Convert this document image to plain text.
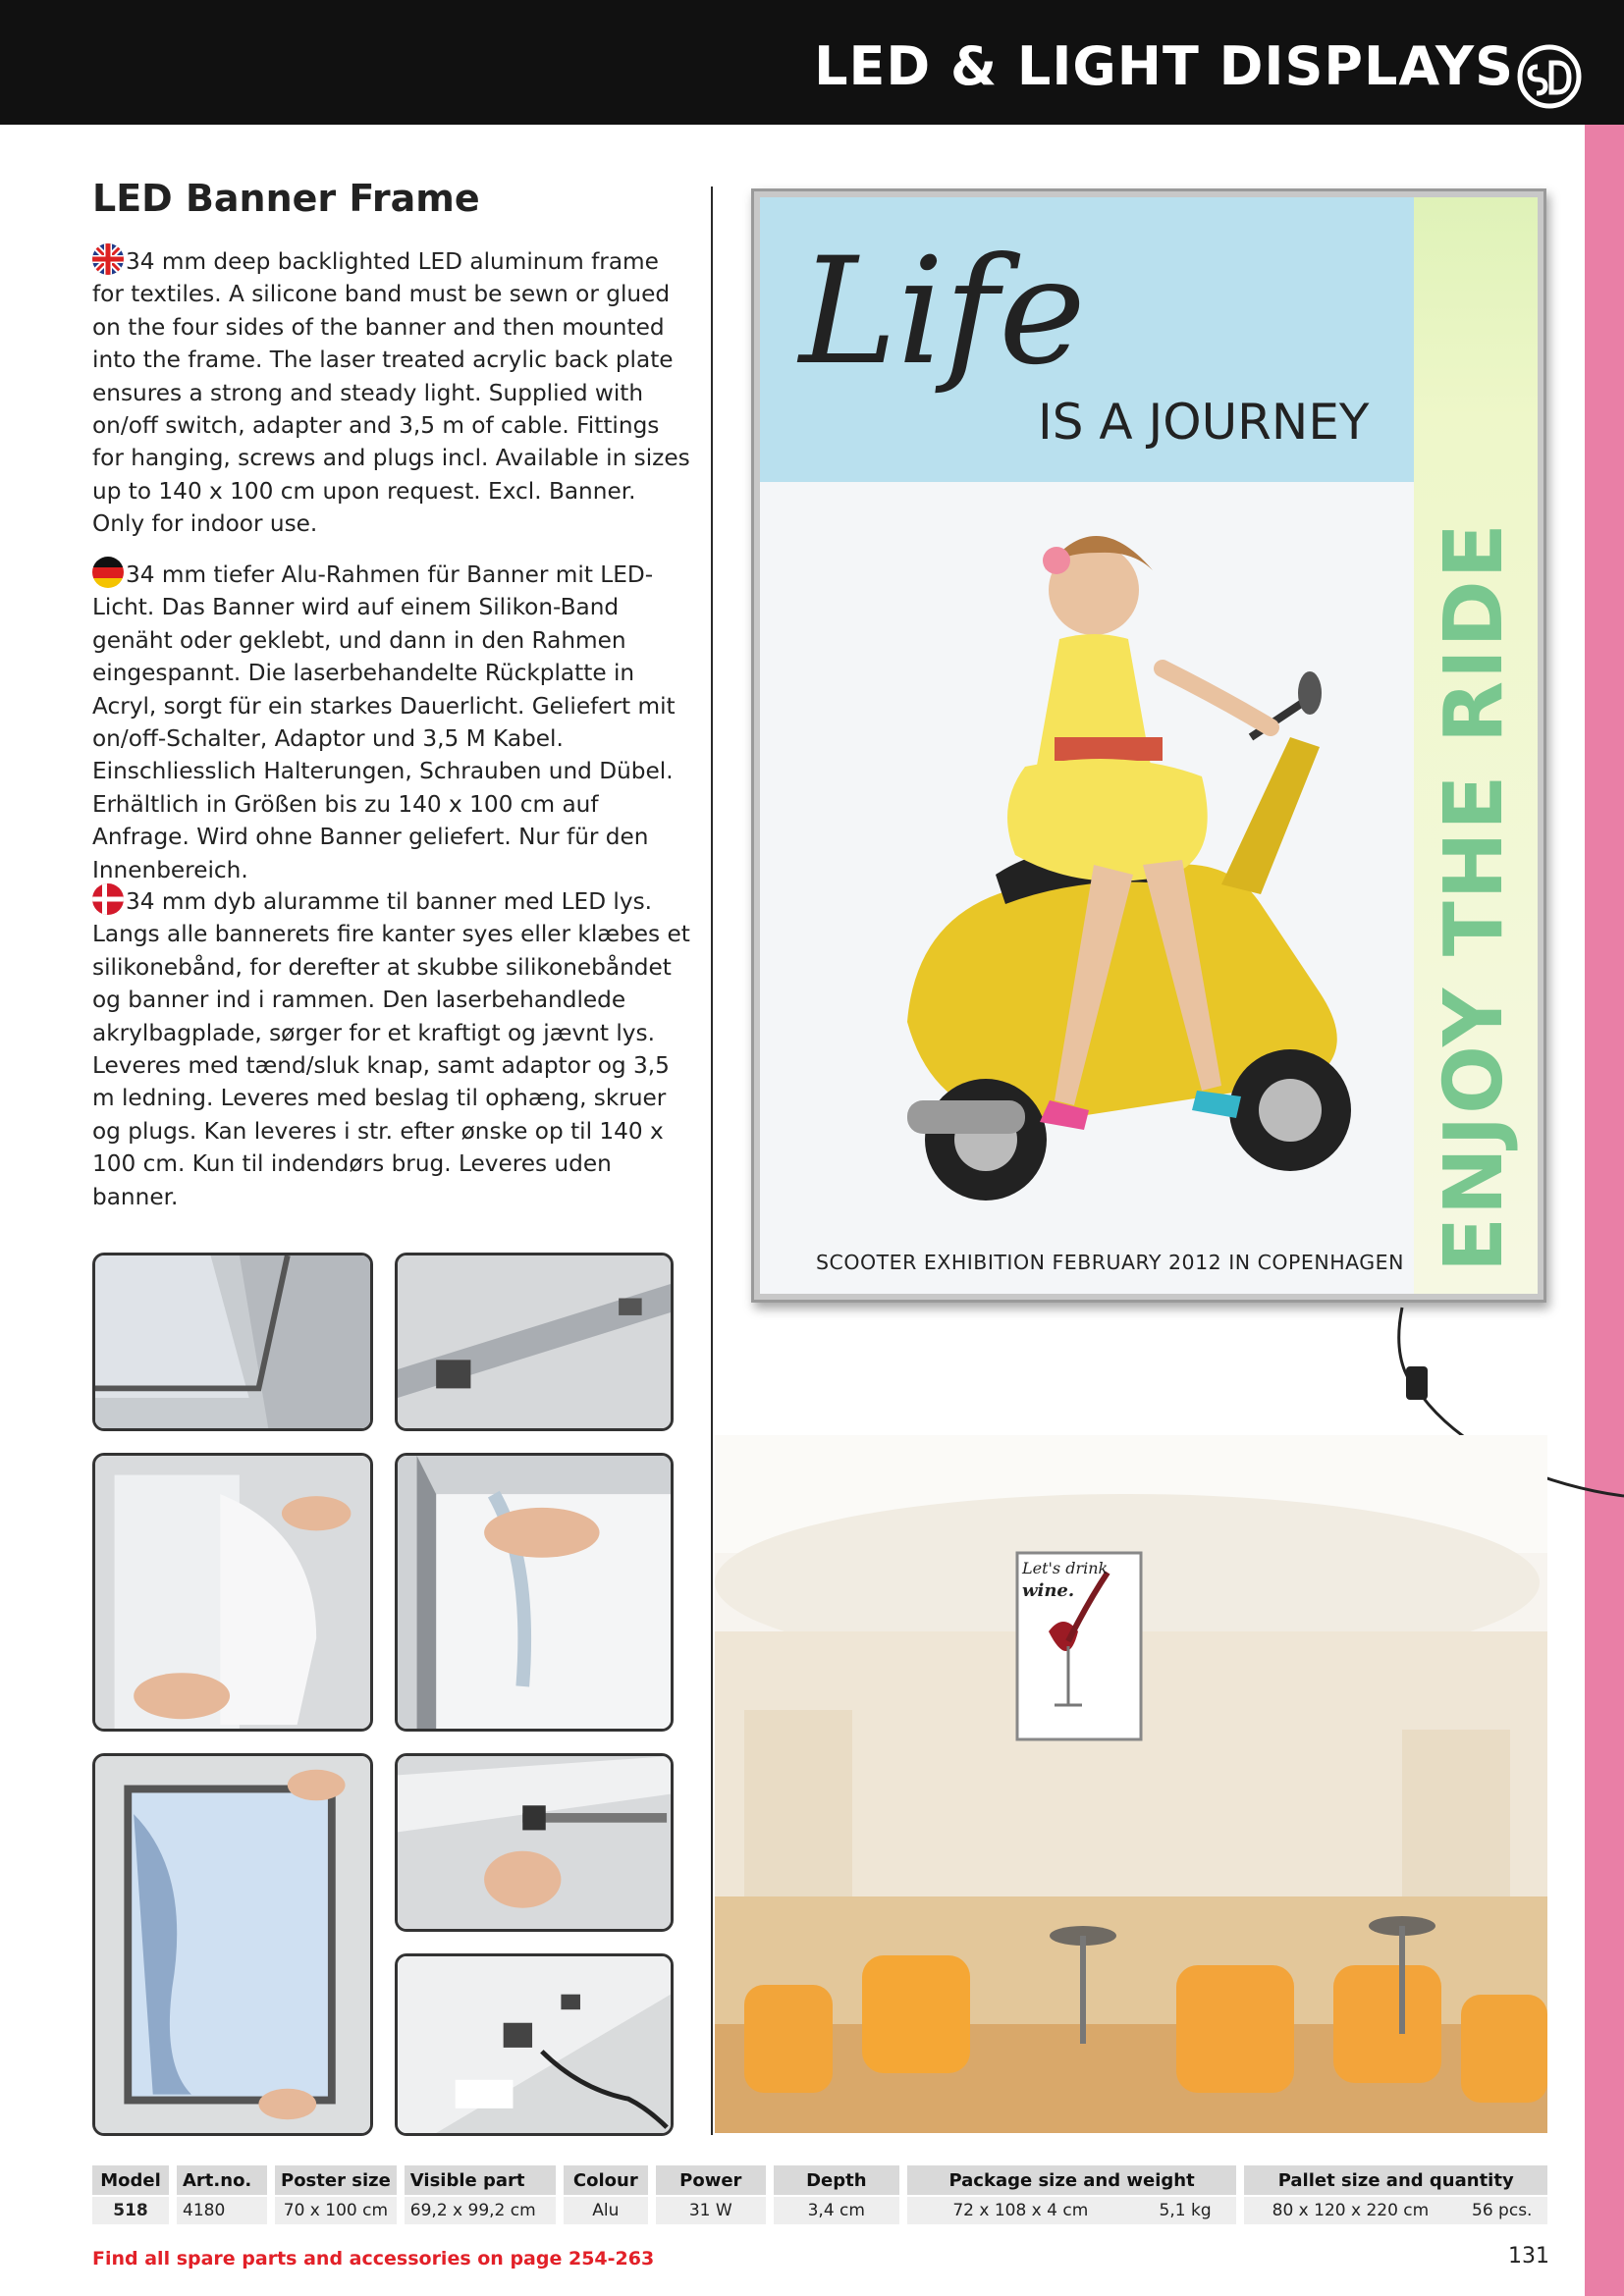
LED & LIGHT DISPLAYS
LED Banner Frame
34 mm deep backlighted LED aluminum frame for textiles. A silicone band must be sewn or glued on the four sides of the banner and then mounted into the frame. The laser treated acrylic back plate ensures a strong and steady light. Supplied with on/off switch, adapter and 3,5 m of cable. Fittings for hanging, screws and plugs incl. Available in sizes up to 140 x 100 cm upon request. Excl. Banner. Only for indoor use.
34 mm tiefer Alu-Rahmen für Banner mit LED-Licht. Das Banner wird auf einem Silikon-Band genäht oder geklebt, und dann in den Rahmen eingespannt. Die laserbehandelte Rückplatte in Acryl, sorgt für ein starkes Dauerlicht. Geliefert mit on/off-Schalter, Adaptor und 3,5 M Kabel. Einschliesslich Halterungen, Schrauben und Dübel. Erhältlich in Größen bis zu 140 x 100 cm auf Anfrage. Wird ohne Banner geliefert. Nur für den Innenbereich.
34 mm dyb aluramme til banner med LED lys. Langs alle bannerets fire kanter syes eller klæbes et silikonebånd, for derefter at skubbe silikonebåndet og banner ind i rammen. Den laserbehandlede akrylbagplade, sørger for et kraftigt og jævnt lys. Leveres med tænd/sluk knap, samt adaptor og 3,5 m ledning. Leveres med beslag til ophæng, skruer og plugs. Kan leveres i str. efter ønske op til 140 x 100 cm. Kun til indendørs brug. Leveres uden banner.
Life
IS A JOURNEY
ENJOY THE RIDE
SCOOTER EXHIBITION FEBRUARY 2012 IN COPENHAGEN
Let's drink
wine.
Model	Art.no.	Poster size	Visible part	Colour	Power	Depth	Package size and weight		Pallet size and quantity	
518	4180	70 x 100 cm	69,2 x 99,2 cm	Alu	31 W	3,4 cm	72 x 108 x 4 cm	5,1 kg	80 x 120 x 220 cm	56 pcs.
Find all spare parts and accessories on page 254-263	131
